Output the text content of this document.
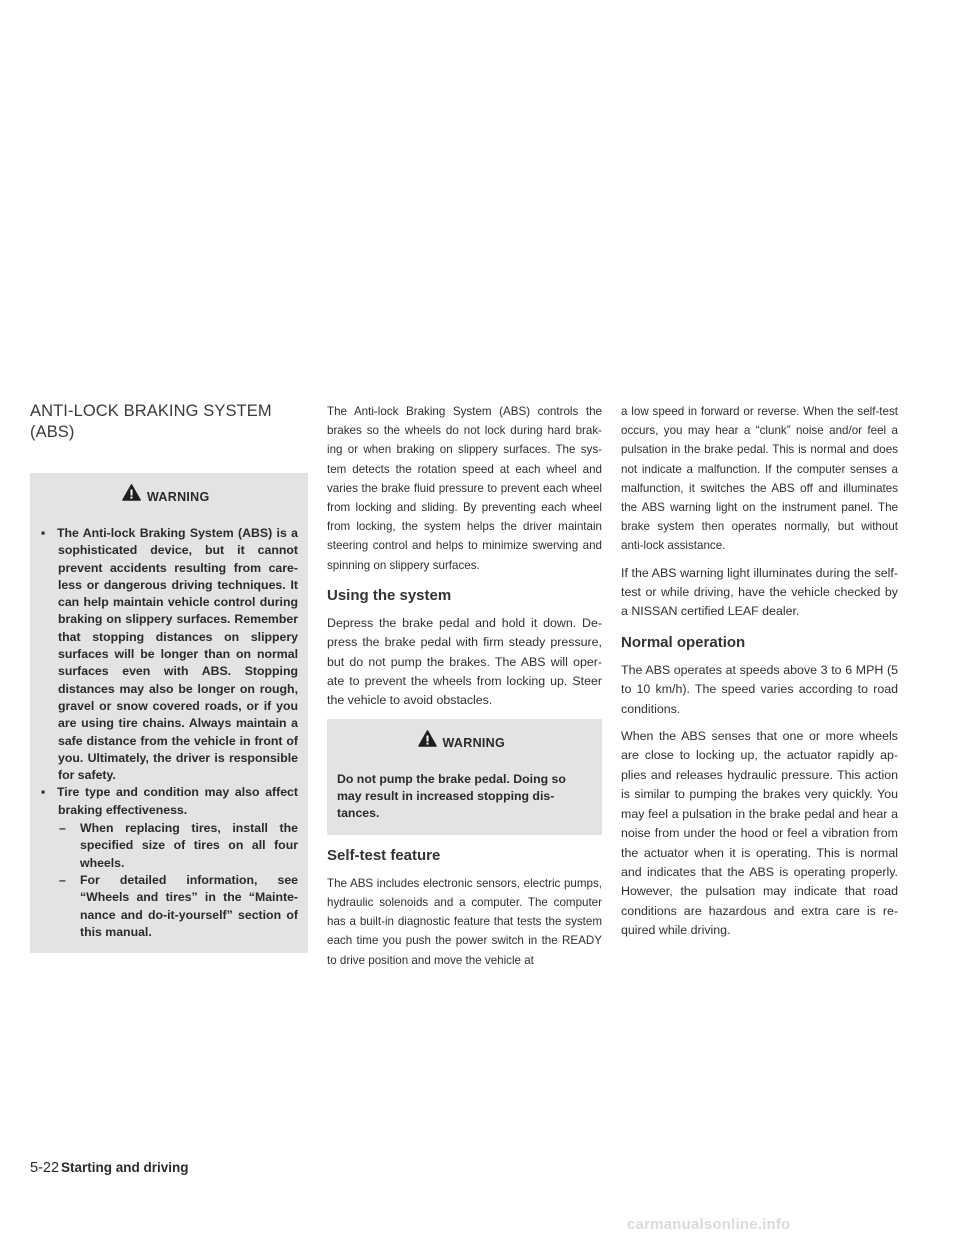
ANTI-LOCK BRAKING SYSTEM (ABS)
WARNING
▪ The Anti-lock Braking System (ABS) is a sophisticated device, but it cannot prevent accidents resulting from care-less or dangerous driving techniques. It can help maintain vehicle control during braking on slippery surfaces. Remember that stopping distances on slippery surfaces will be longer than on normal surfaces even with ABS. Stopping distances may also be longer on rough, gravel or snow covered roads, or if you are using tire chains. Always maintain a safe distance from the vehicle in front of you. Ultimately, the driver is responsible for safety.
▪ Tire type and condition may also affect braking effectiveness.
– When replacing tires, install the specified size of tires on all four wheels.
– For detailed information, see “Wheels and tires” in the “Mainte-nance and do-it-yourself” section of this manual.

The Anti-lock Braking System (ABS) controls the brakes so the wheels do not lock during hard brak-ing or when braking on slippery surfaces. The sys-tem detects the rotation speed at each wheel and varies the brake fluid pressure to prevent each wheel from locking and sliding. By preventing each wheel from locking, the system helps the driver maintain steering control and helps to minimize swerving and spinning on slippery surfaces.

Using the system

Depress the brake pedal and hold it down. De-press the brake pedal with firm steady pressure, but do not pump the brakes. The ABS will oper-ate to prevent the wheels from locking up. Steer the vehicle to avoid obstacles.

WARNING

Do not pump the brake pedal. Doing so may result in increased stopping dis-tances.

Self-test feature

The ABS includes electronic sensors, electric pumps, hydraulic solenoids and a computer. The computer has a built-in diagnostic feature that tests the system each time you push the power switch in the READY to drive position and move the vehicle at

a low speed in forward or reverse. When the self-test occurs, you may hear a “clunk” noise and/or feel a pulsation in the brake pedal. This is normal and does not indicate a malfunction. If the computer senses a malfunction, it switches the ABS off and illuminates the ABS warning light on the instrument panel. The brake system then operates normally, but without anti-lock assistance.

If the ABS warning light illuminates during the self-test or while driving, have the vehicle checked by a NISSAN certified LEAF dealer.

Normal operation

The ABS operates at speeds above 3 to 6 MPH (5 to 10 km/h). The speed varies according to road conditions.

When the ABS senses that one or more wheels are close to locking up, the actuator rapidly ap-plies and releases hydraulic pressure. This action is similar to pumping the brakes very quickly. You may feel a pulsation in the brake pedal and hear a noise from under the hood or feel a vibration from the actuator when it is operating. This is normal and indicates that the ABS is operating properly. However, the pulsation may indicate that road conditions are hazardous and extra care is re-quired while driving.

5-22 Starting and driving
carmanualsonline.info
